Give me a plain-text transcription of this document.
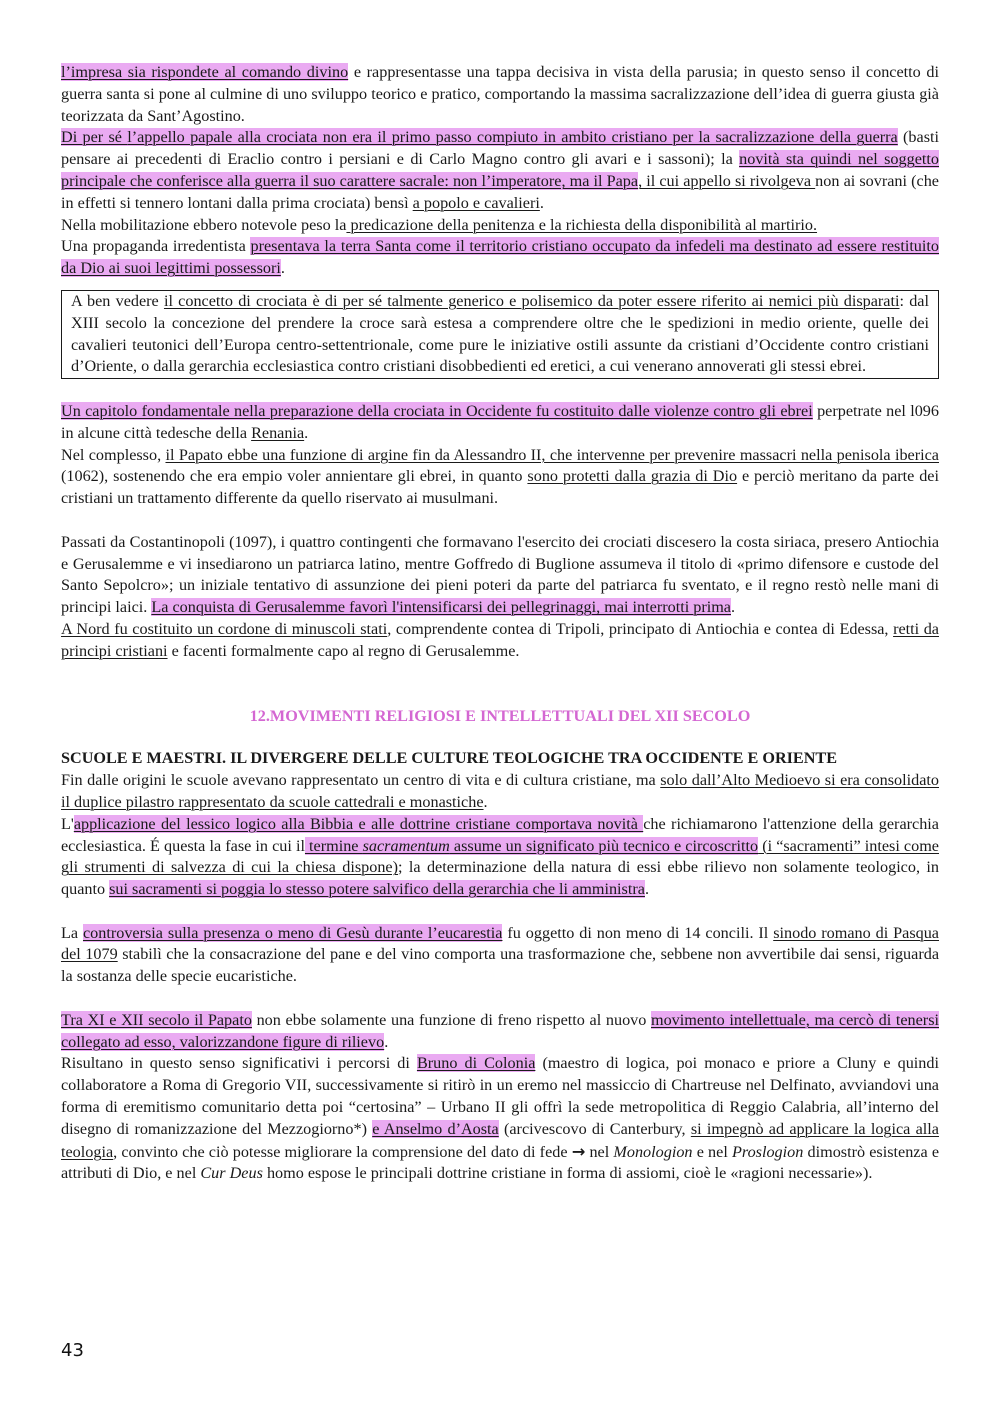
l’impresa sia rispondete al comando divino e rappresentasse una tappa decisiva in vista della parusia; in questo senso il concetto di guerra santa si pone al culmine di uno sviluppo teorico e pratico, comportando la massima sacralizzazione dell’idea di guerra giusta già teorizzata da Sant’Agostino.

Di per sé l’appello papale alla crociata non era il primo passo compiuto in ambito cristiano per la sacralizzazione della guerra (basti pensare ai precedenti di Eraclio contro i persiani e di Carlo Magno contro gli avari e i sassoni); la novità sta quindi nel soggetto principale che conferisce alla guerra il suo carattere sacrale: non l’imperatore, ma il Papa, il cui appello si rivolgeva non ai sovrani (che in effetti si tennero lontani dalla prima crociata) bensì a popolo e cavalieri.

Nella mobilitazione ebbero notevole peso la predicazione della penitenza e la richiesta della disponibilità al martirio.

Una propaganda irredentista presentava la terra Santa come il territorio cristiano occupato da infedeli ma destinato ad essere restituito da Dio ai suoi legittimi possessori.

A ben vedere il concetto di crociata è di per sé talmente generico e polisemico da poter essere riferito ai nemici più disparati: dal XIII secolo la concezione del prendere la croce sarà estesa a comprendere oltre che le spedizioni in medio oriente, quelle dei cavalieri teutonici dell’Europa centro-settentrionale, come pure le iniziative ostili assunte da cristiani d’Occidente contro cristiani d’Oriente, o dalla gerarchia ecclesiastica contro cristiani disobbedienti ed eretici, a cui venerano annoverati gli stessi ebrei.

Un capitolo fondamentale nella preparazione della crociata in Occidente fu costituito dalle violenze contro gli ebrei perpetrate nel l096 in alcune città tedesche della Renania.

Nel complesso, il Papato ebbe una funzione di argine fin da Alessandro II, che intervenne per prevenire massacri nella penisola iberica (1062), sostenendo che era empio voler annientare gli ebrei, in quanto sono protetti dalla grazia di Dio e perciò meritano da parte dei cristiani un trattamento differente da quello riservato ai musulmani.

Passati da Costantinopoli (1097), i quattro contingenti che formavano l'esercito dei crociati discesero la costa siriaca, presero Antiochia e Gerusalemme e vi insediarono un patriarca latino, mentre Goffredo di Buglione assumeva il titolo di «primo difensore e custode del Santo Sepolcro»; un iniziale tentativo di assunzione dei pieni poteri da parte del patriarca fu sventato, e il regno restò nelle mani di principi laici. La conquista di Gerusalemme favorì l'intensificarsi dei pellegrinaggi, mai interrotti prima.

A Nord fu costituito un cordone di minuscoli stati, comprendente contea di Tripoli, principato di Antiochia e contea di Edessa, retti da principi cristiani e facenti formalmente capo al regno di Gerusalemme.

12.MOVIMENTI RELIGIOSI E INTELLETTUALI DEL XII SECOLO
SCUOLE E MAESTRI. IL DIVERGERE DELLE CULTURE TEOLOGICHE TRA OCCIDENTE E ORIENTE

Fin dalle origini le scuole avevano rappresentato un centro di vita e di cultura cristiane, ma solo dall’Alto Medioevo si era consolidato il duplice pilastro rappresentato da scuole cattedrali e monastiche.

L'applicazione del lessico logico alla Bibbia e alle dottrine cristiane comportava novità che richiamarono l'attenzione della gerarchia ecclesiastica. É questa la fase in cui il termine sacramentum assume un significato più tecnico e circoscritto (i “sacramenti” intesi come gli strumenti di salvezza di cui la chiesa dispone); la determinazione della natura di essi ebbe rilievo non solamente teologico, in quanto sui sacramenti si poggia lo stesso potere salvifico della gerarchia che li amministra.

La controversia sulla presenza o meno di Gesù durante l’eucarestia fu oggetto di non meno di 14 concili. Il sinodo romano di Pasqua del 1079 stabilì che la consacrazione del pane e del vino comporta una trasformazione che, sebbene non avvertibile dai sensi, riguarda la sostanza delle specie eucaristiche.

Tra XI e XII secolo il Papato non ebbe solamente una funzione di freno rispetto al nuovo movimento intellettuale, ma cercò di tenersi collegato ad esso, valorizzandone figure di rilievo.

Risultano in questo senso significativi i percorsi di Bruno di Colonia (maestro di logica, poi monaco e priore a Cluny e quindi collaboratore a Roma di Gregorio VII, successivamente si ritirò in un eremo nel massiccio di Chartreuse nel Delfinato, avviandovi una forma di eremitismo comunitario detta poi “certosina” – Urbano II gli offrì la sede metropolitica di Reggio Calabria, all’interno del disegno di romanizzazione del Mezzogiorno*) e Anselmo d’Aosta (arcivescovo di Canterbury, si impegnò ad applicare la logica alla teologia, convinto che ciò potesse migliorare la comprensione del dato di fede → nel Monologion e nel Proslogion dimostrò esistenza e attributi di Dio, e nel Cur Deus homo espose le principali dottrine cristiane in forma di assiomi, cioè le «ragioni necessarie»).

43
